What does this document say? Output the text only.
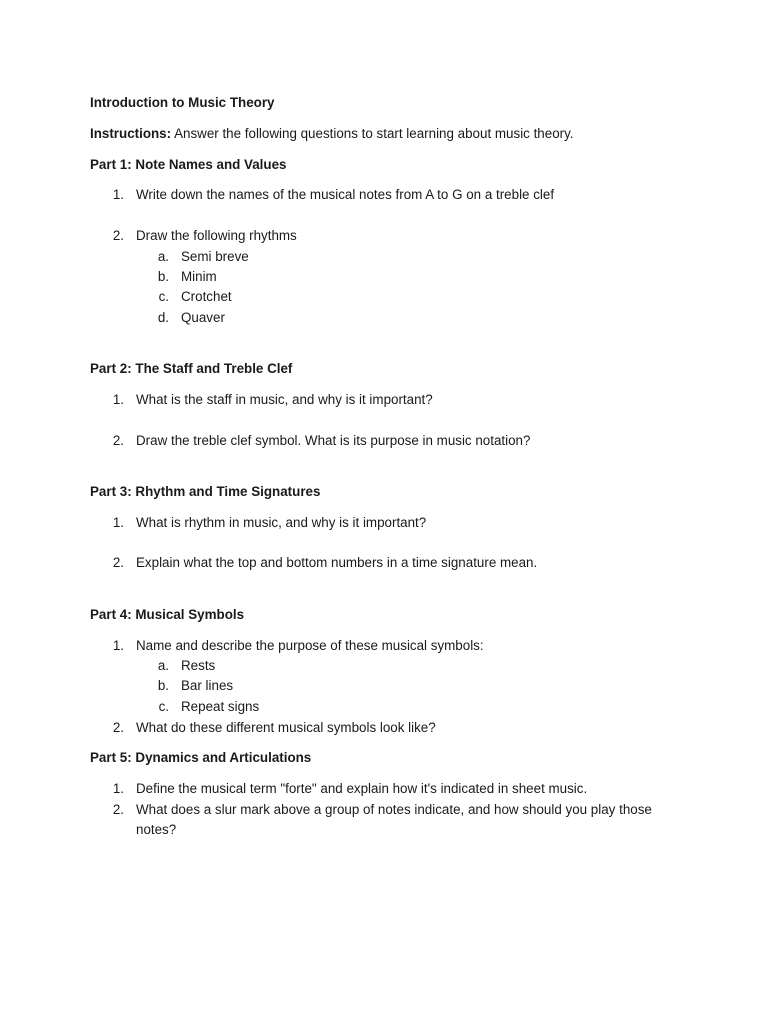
Introduction to Music Theory
Instructions: Answer the following questions to start learning about music theory.
Part 1: Note Names and Values
1. Write down the names of the musical notes from A to G on a treble clef
2. Draw the following rhythms
a. Semi breve
b. Minim
c. Crotchet
d. Quaver
Part 2: The Staff and Treble Clef
1. What is the staff in music, and why is it important?
2. Draw the treble clef symbol. What is its purpose in music notation?
Part 3: Rhythm and Time Signatures
1. What is rhythm in music, and why is it important?
2. Explain what the top and bottom numbers in a time signature mean.
Part 4: Musical Symbols
1. Name and describe the purpose of these musical symbols:
a. Rests
b. Bar lines
c. Repeat signs
2. What do these different musical symbols look like?
Part 5: Dynamics and Articulations
1. Define the musical term "forte" and explain how it's indicated in sheet music.
2. What does a slur mark above a group of notes indicate, and how should you play those
notes?
